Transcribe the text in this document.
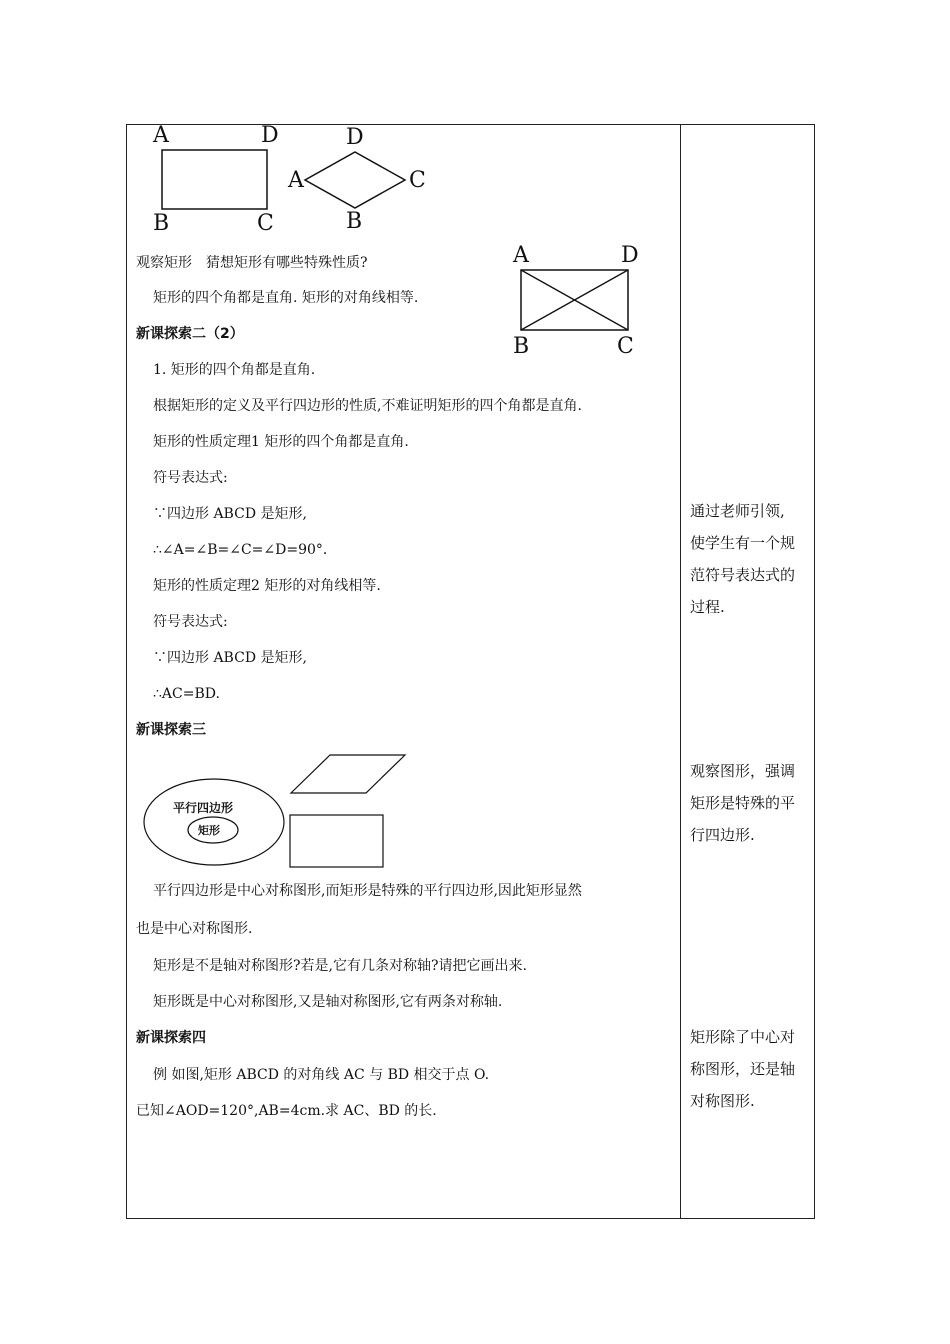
A	D
B	C
D
A	C
B
A	D
B	C
平行四边形
矩形
观察矩形　猜想矩形有哪些特殊性质?
矩形的四个角都是直角. 矩形的对角线相等.
新课探索二（2）
1. 矩形的四个角都是直角.
根据矩形的定义及平行四边形的性质,不难证明矩形的四个角都是直角.
矩形的性质定理1 矩形的四个角都是直角.
符号表达式:
∵四边形 ABCD 是矩形,
∴∠A=∠B=∠C=∠D=90°．
矩形的性质定理2 矩形的对角线相等.
符号表达式:
∵四边形 ABCD 是矩形,
∴AC=BD.
新课探索三
平行四边形是中心对称图形,而矩形是特殊的平行四边形,因此矩形显然
也是中心对称图形.
矩形是不是轴对称图形?若是,它有几条对称轴?请把它画出来.
矩形既是中心对称图形,又是轴对称图形,它有两条对称轴.
新课探索四
例 如图,矩形 ABCD 的对角线 AC 与 BD 相交于点 O.
已知∠AOD=120°,AB=4cm.求 AC、BD 的长.
通过老师引领,
使学生有一个规
范符号表达式的
过程.
观察图形，强调
矩形是特殊的平
行四边形.
矩形除了中心对
称图形，还是轴
对称图形.
